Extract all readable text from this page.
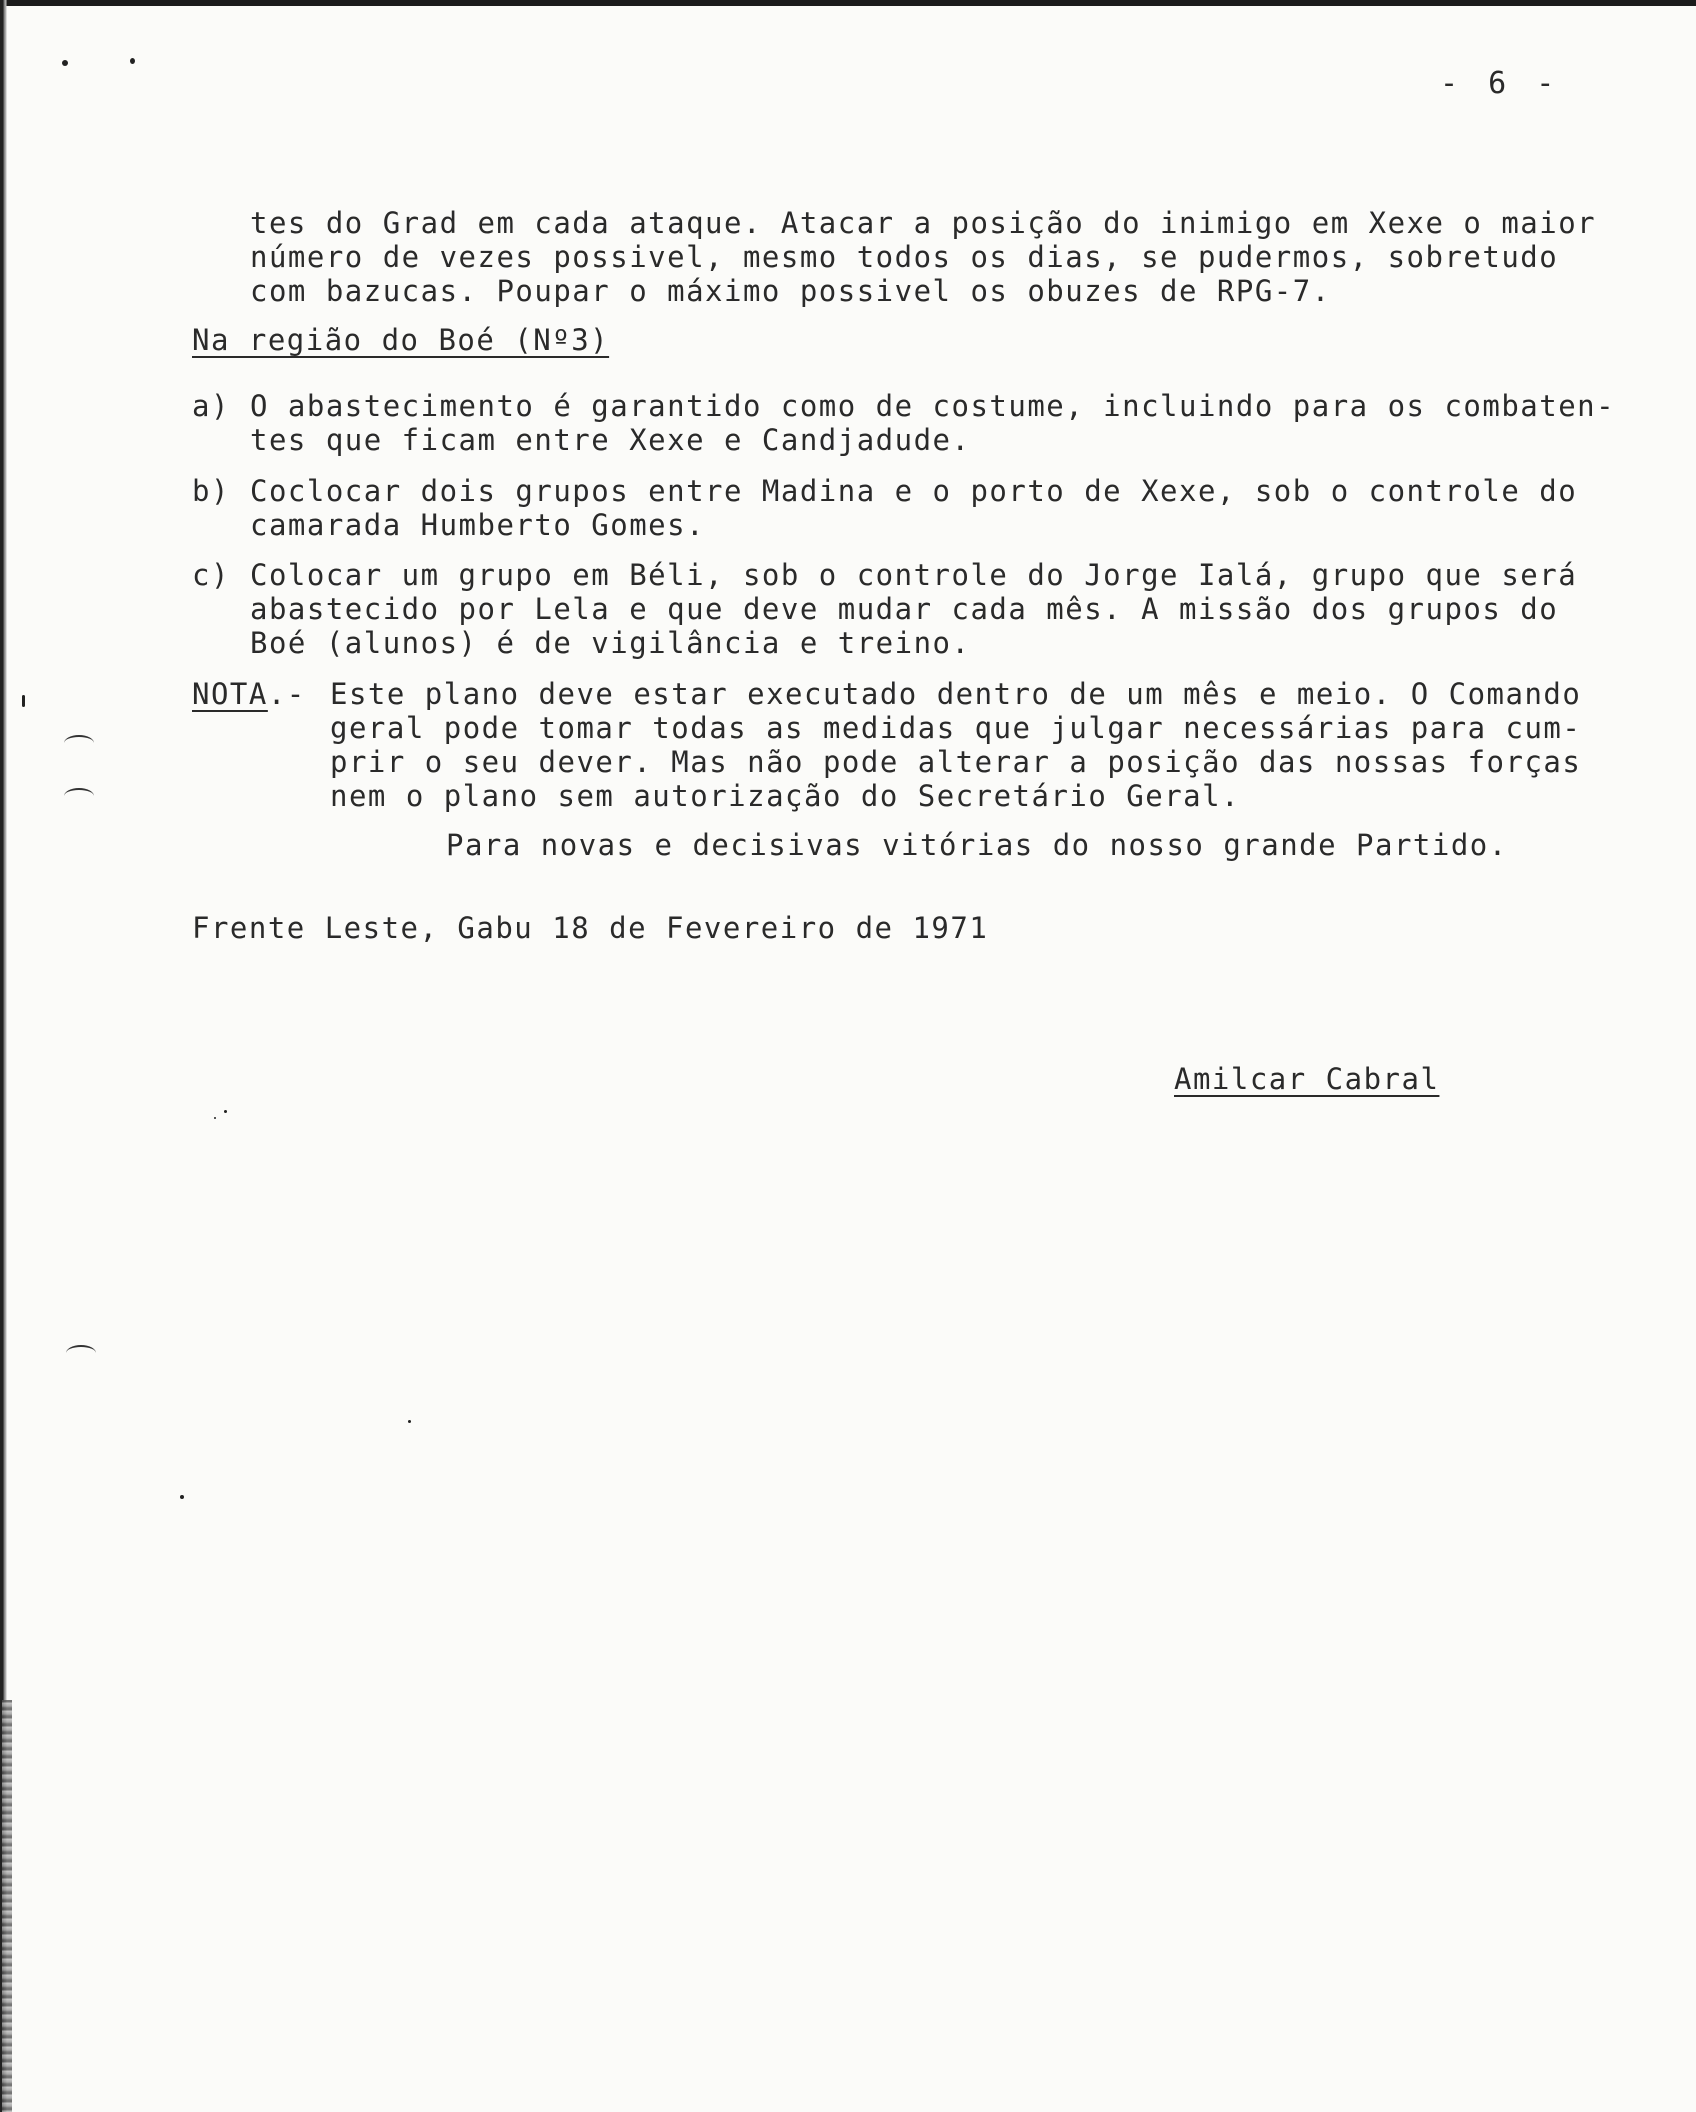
- 6 -
tes do Grad em cada ataque. Atacar a posição do inimigo em Xexe o maior
número de vezes possivel, mesmo todos os dias, se pudermos, sobretudo
com bazucas. Poupar o máximo possivel os obuzes de RPG-7.
Na região do Boé (Nº3)
a) O abastecimento é garantido como de costume, incluindo para os combaten-
tes que ficam entre Xexe e Candjadude.
b) Coclocar dois grupos entre Madina e o porto de Xexe, sob o controle do
camarada Humberto Gomes.
c) Colocar um grupo em Béli, sob o controle do Jorge Ialá, grupo que será
abastecido por Lela e que deve mudar cada mês. A missão dos grupos do
Boé (alunos) é de vigilância e treino.
NOTA.- Este plano deve estar executado dentro de um mês e meio. O Comando
geral pode tomar todas as medidas que julgar necessárias para cum-
prir o seu dever. Mas não pode alterar a posição das nossas forças
nem o plano sem autorização do Secretário Geral.
Para novas e decisivas vitórias do nosso grande Partido.
Frente Leste, Gabu 18 de Fevereiro de 1971
Amilcar Cabral
